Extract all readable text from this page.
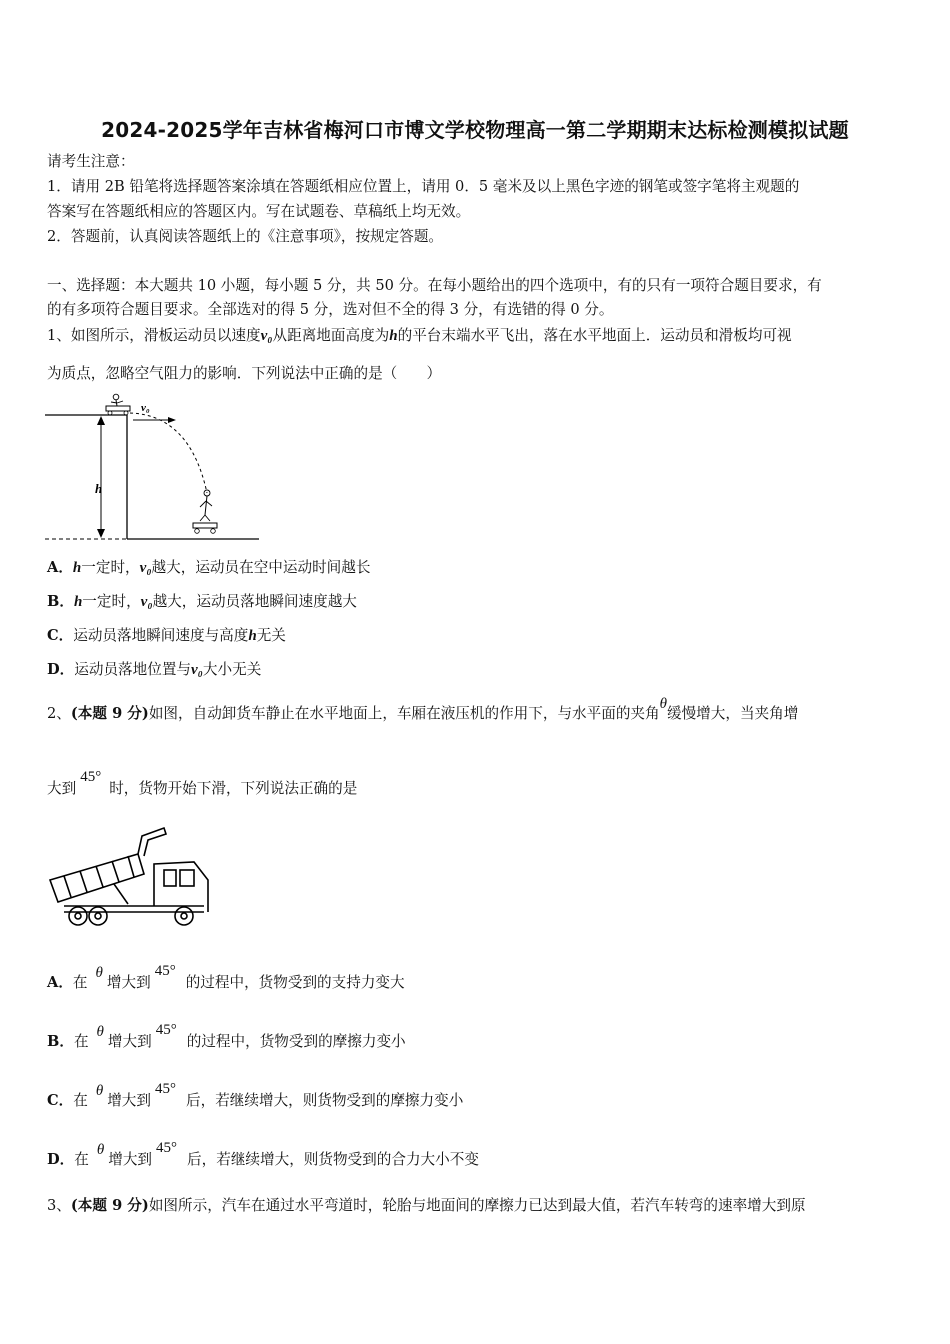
2024-2025学年吉林省梅河口市博文学校物理高一第二学期期末达标检测模拟试题
请考生注意：
1．请用 2B 铅笔将选择题答案涂填在答题纸相应位置上，请用 0．5 毫米及以上黑色字迹的钢笔或签字笔将主观题的
答案写在答题纸相应的答题区内。写在试题卷、草稿纸上均无效。
2．答题前，认真阅读答题纸上的《注意事项》，按规定答题。
一、选择题：本大题共 10 小题，每小题 5 分，共 50 分。在每小题给出的四个选项中，有的只有一项符合题目要求，有
的有多项符合题目要求。全部选对的得 5 分，选对但不全的得 3 分，有选错的得 0 分。
1、如图所示，滑板运动员以速度v₀从距离地面高度为h的平台末端水平飞出，落在水平地面上．运动员和滑板均可视
为质点，忽略空气阻力的影响．下列说法中正确的是（　　）
h
v₀
A．h一定时，v₀越大，运动员在空中运动时间越长
B．h一定时，v₀越大，运动员落地瞬间速度越大
C．运动员落地瞬间速度与高度h无关
D．运动员落地位置与v₀大小无关
2、(本题 9 分)如图，自动卸货车静止在水平地面上，车厢在液压机的作用下，与水平面的夹角θ缓慢增大，当夹角增
大到45°时，货物开始下滑，下列说法正确的是
A．在θ增大到45°的过程中，货物受到的支持力变大
B．在θ增大到45°的过程中，货物受到的摩擦力变小
C．在θ增大到45°后，若继续增大，则货物受到的摩擦力变小
D．在θ增大到45°后，若继续增大，则货物受到的合力大小不变
3、(本题 9 分)如图所示，汽车在通过水平弯道时，轮胎与地面间的摩擦力已达到最大值，若汽车转弯的速率增大到原
